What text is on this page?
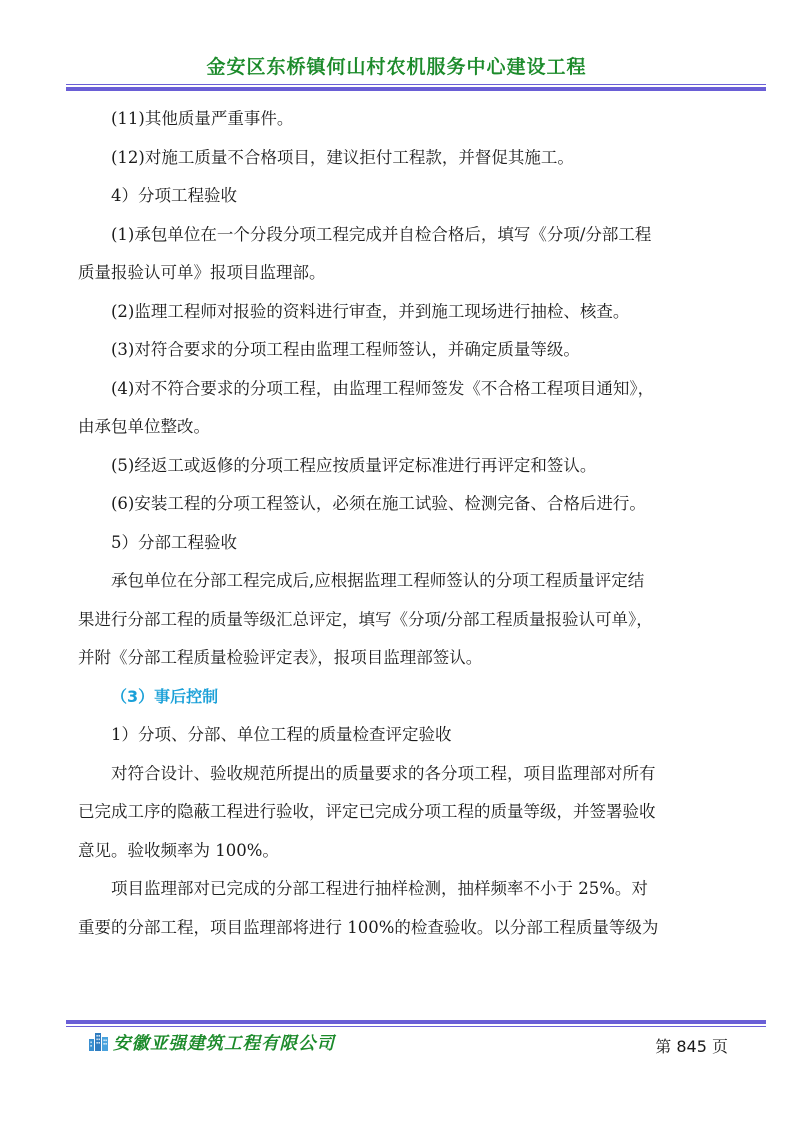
金安区东桥镇何山村农机服务中心建设工程

(11)其他质量严重事件。

(12)对施工质量不合格项目，建议拒付工程款，并督促其施工。

4）分项工程验收

(1)承包单位在一个分段分项工程完成并自检合格后，填写《分项/分部工程

质量报验认可单》报项目监理部。

(2)监理工程师对报验的资料进行审查，并到施工现场进行抽检、核查。

(3)对符合要求的分项工程由监理工程师签认，并确定质量等级。

(4)对不符合要求的分项工程，由监理工程师签发《不合格工程项目通知》，

由承包单位整改。

(5)经返工或返修的分项工程应按质量评定标准进行再评定和签认。

(6)安装工程的分项工程签认，必须在施工试验、检测完备、合格后进行。

5）分部工程验收

承包单位在分部工程完成后,应根据监理工程师签认的分项工程质量评定结

果进行分部工程的质量等级汇总评定，填写《分项/分部工程质量报验认可单》，

并附《分部工程质量检验评定表》，报项目监理部签认。

（3）事后控制

1）分项、分部、单位工程的质量检查评定验收

对符合设计、验收规范所提出的质量要求的各分项工程，项目监理部对所有

已完成工序的隐蔽工程进行验收，评定已完成分项工程的质量等级，并签署验收

意见。验收频率为 100%。

项目监理部对已完成的分部工程进行抽样检测，抽样频率不小于 25%。对

重要的分部工程，项目监理部将进行 100%的检查验收。以分部工程质量等级为

安徽亚强建筑工程有限公司	第 845 页
